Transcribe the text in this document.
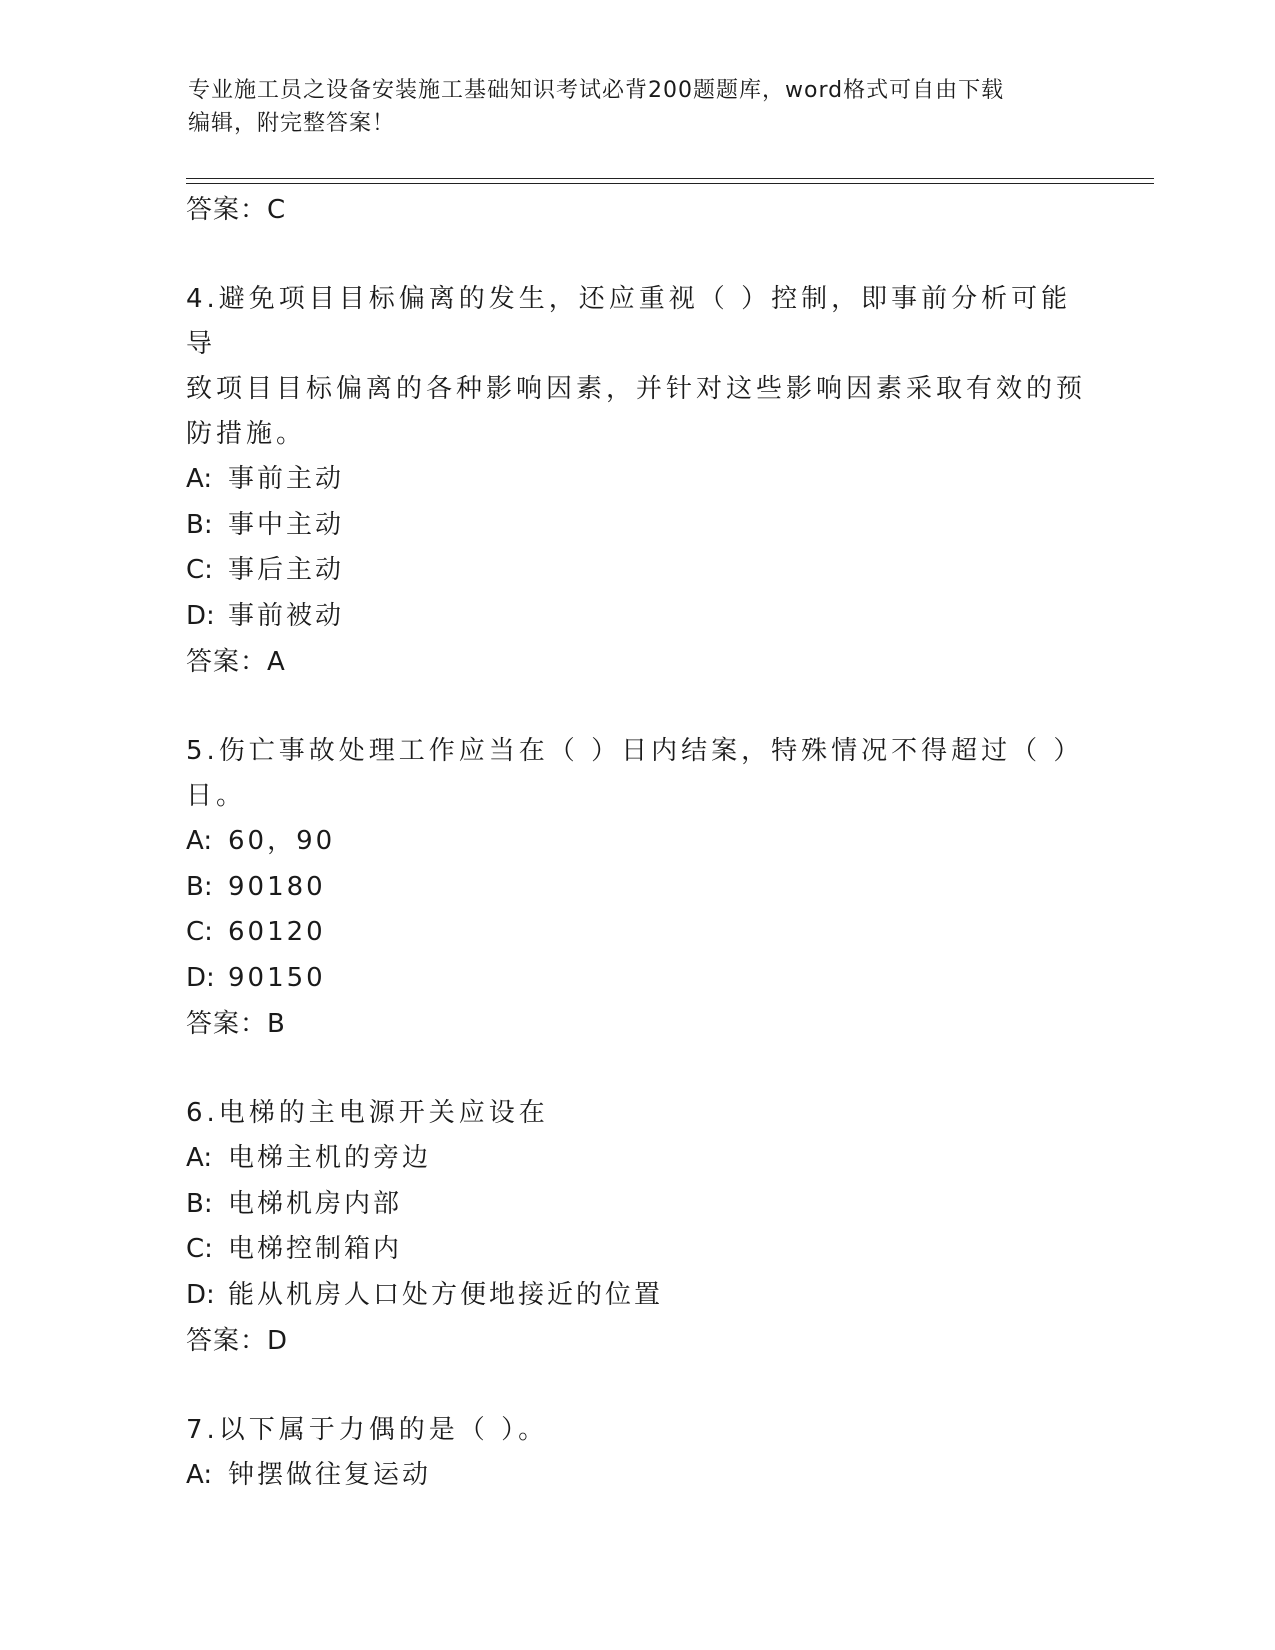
专业施工员之设备安装施工基础知识考试必背200题题库，word格式可自由下载
编辑，附完整答案！

答案：C

4.避免项目目标偏离的发生，还应重视（ ）控制，即事前分析可能导

致项目目标偏离的各种影响因素，并针对这些影响因素采取有效的预

防措施。

A: 事前主动

B: 事中主动

C: 事后主动

D: 事前被动

答案：A

5.伤亡事故处理工作应当在（ ）日内结案，特殊情况不得超过（ ）

日。

A: 60，90

B: 90180

C: 60120

D: 90150

答案：B

6.电梯的主电源开关应设在

A: 电梯主机的旁边

B: 电梯机房内部

C: 电梯控制箱内

D: 能从机房人口处方便地接近的位置

答案：D

7.以下属于力偶的是（ ）。

A: 钟摆做往复运动
